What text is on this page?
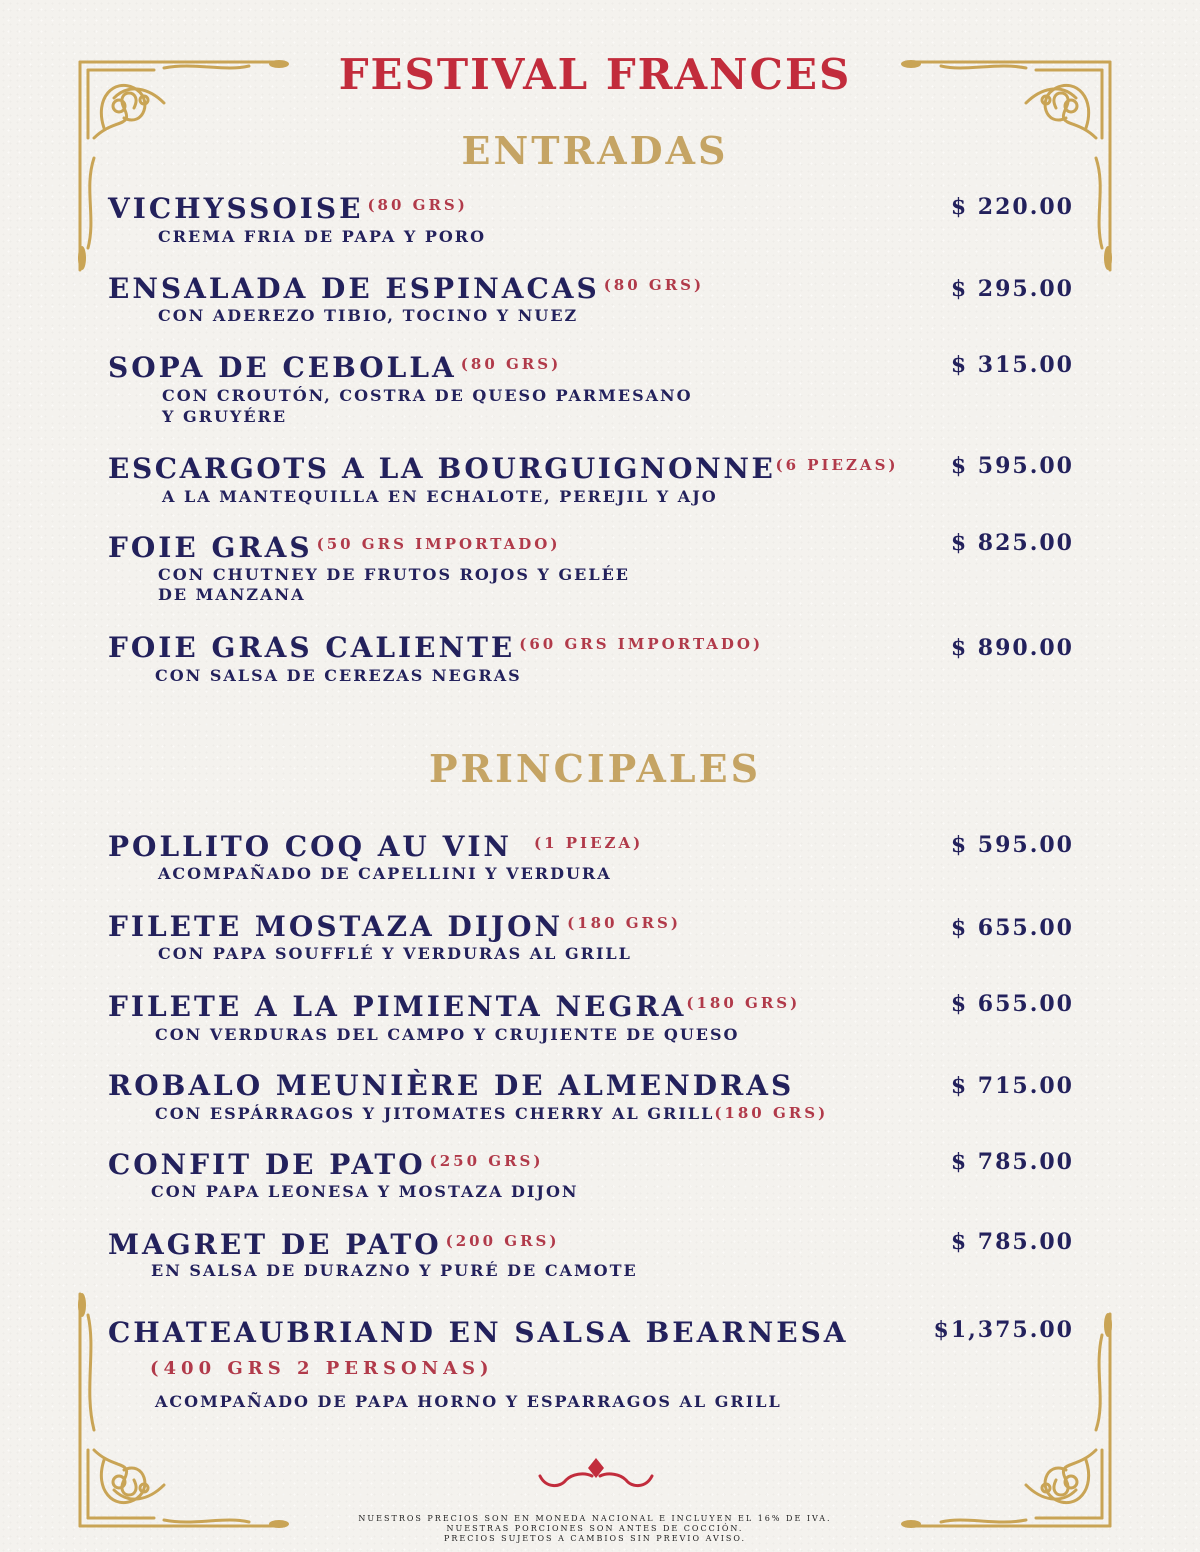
FESTIVAL FRANCES
ENTRADAS
VICHYSSOISE $^{(80 GRS)}$
CREMA FRIA DE PAPA Y PORO
$ 220.00
ENSALADA DE ESPINACAS $^{(80 GRS)}$
CON ADEREZO TIBIO, TOCINO Y NUEZ
$ 295.00
SOPA DE CEBOLLA $^{(80 GRS)}$
CON CROUTÓN, COSTRA DE QUESO PARMESANO
Y GRUYÉRE
$ 315.00
ESCARGOTS A LA $BOURGUIGNONNE^{(6 PIEZAS)}$
A LA MANTEQUILLA EN ECHALOTE, PEREJIL Y AJO
$ 595.00
FOIE GRAS $^{(50 GRS IMPORTADO)}$
CON CHUTNEY DE FRUTOS ROJOS Y GELÉE
DE MANZANA
$ 825.00
FOIE GRAS CALIENTE $^{(60 GRS IMPORTADO)}$
CON SALSA DE CEREZAS NEGRAS
$ 890.00
PRINCIPALES
POLLITO COQ AU VIN $^{(1 PIEZA)}$
ACOMPAÑADO DE CAPELLINI Y VERDURA
$ 595.00
FILETE MOSTAZA DIJON $^{(180 GRS)}$
CON PAPA SOUFFLÉ Y VERDURAS AL GRILL
$ 655.00
FILETE A LA PIMIENTA $NEGRA^{(180 GRS)}$
CON VERDURAS DEL CAMPO Y CRUJIENTE DE QUESO
$ 655.00
ROBALO MEUNIÈRE DE ALMENDRAS
CON ESPÁRRAGOS Y JITOMATES CHERRY AL GRILL(180 GRS)
$ 715.00
CONFIT DE PATO $^{(250 GRS)}$
CON PAPA LEONESA Y MOSTAZA DIJON
$ 785.00
MAGRET DE PATO $^{(200 GRS)}$
EN SALSA DE DURAZNO Y PURÉ DE CAMOTE
$ 785.00
CHATEAUBRIAND EN SALSA BEARNESA
(400 GRS 2 PERSONAS)
ACOMPAÑADO DE PAPA HORNO Y ESPARRAGOS AL GRILL
$1,375.00
NUESTROS PRECIOS SON EN MONEDA NACIONAL E INCLUYEN EL 16% DE IVA.
NUESTRAS PORCIONES SON ANTES DE COCCIÓN.
PRECIOS SUJETOS A CAMBIOS SIN PREVIO AVISO.
